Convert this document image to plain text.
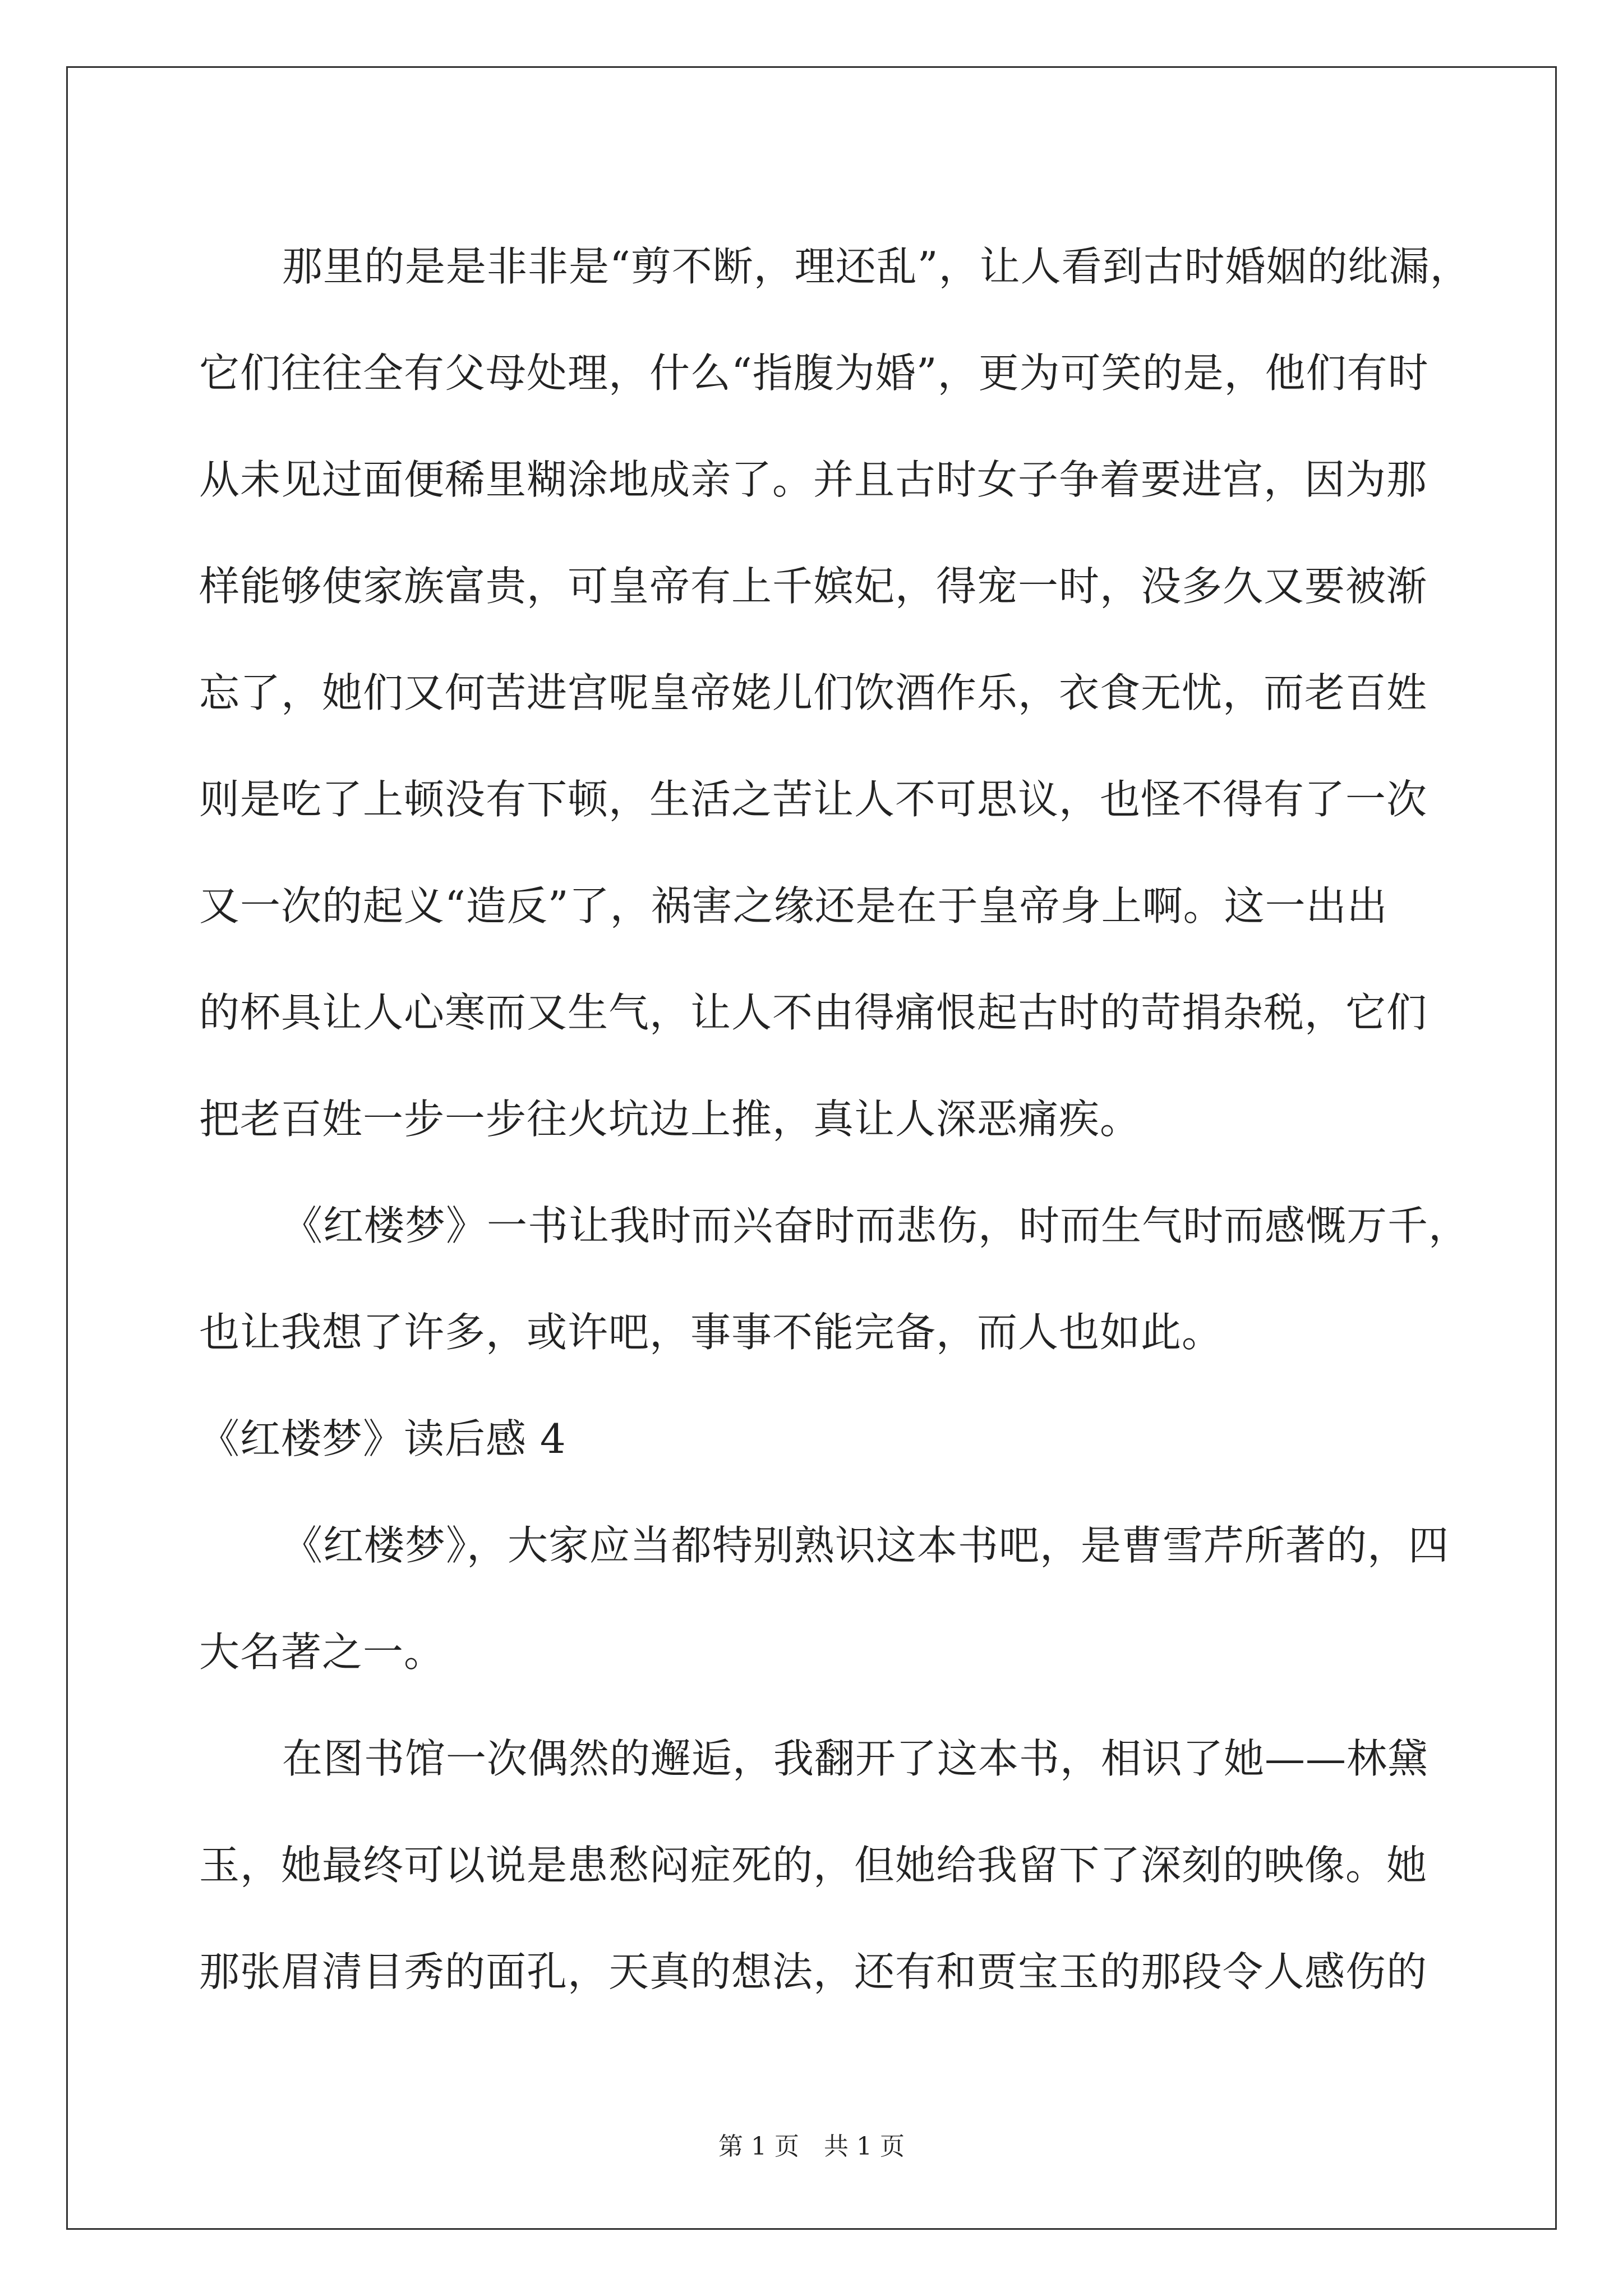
那里的是是非非是“剪不断，理还乱”，让人看到古时婚姻的纰漏，
它们往往全有父母处理，什么“指腹为婚”，更为可笑的是，他们有时
从未见过面便稀里糊涂地成亲了。并且古时女子争着要进宫，因为那
样能够使家族富贵，可皇帝有上千嫔妃，得宠一时，没多久又要被渐
忘了，她们又何苦进宫呢皇帝姥儿们饮酒作乐，衣食无忧，而老百姓
则是吃了上顿没有下顿，生活之苦让人不可思议，也怪不得有了一次
又一次的起义“造反”了，祸害之缘还是在于皇帝身上啊。这一出出
的杯具让人心寒而又生气，让人不由得痛恨起古时的苛捐杂税，它们
把老百姓一步一步往火坑边上推，真让人深恶痛疾。
《红楼梦》一书让我时而兴奋时而悲伤，时而生气时而感慨万千，
也让我想了许多，或许吧，事事不能完备，而人也如此。
《红楼梦》读后感 4
《红楼梦》，大家应当都特别熟识这本书吧，是曹雪芹所著的，四
大名著之一。
在图书馆一次偶然的邂逅，我翻开了这本书，相识了她——林黛
玉，她最终可以说是患愁闷症死的，但她给我留下了深刻的映像。她
那张眉清目秀的面孔，天真的想法，还有和贾宝玉的那段令人感伤的
第 1 页　共 1 页
